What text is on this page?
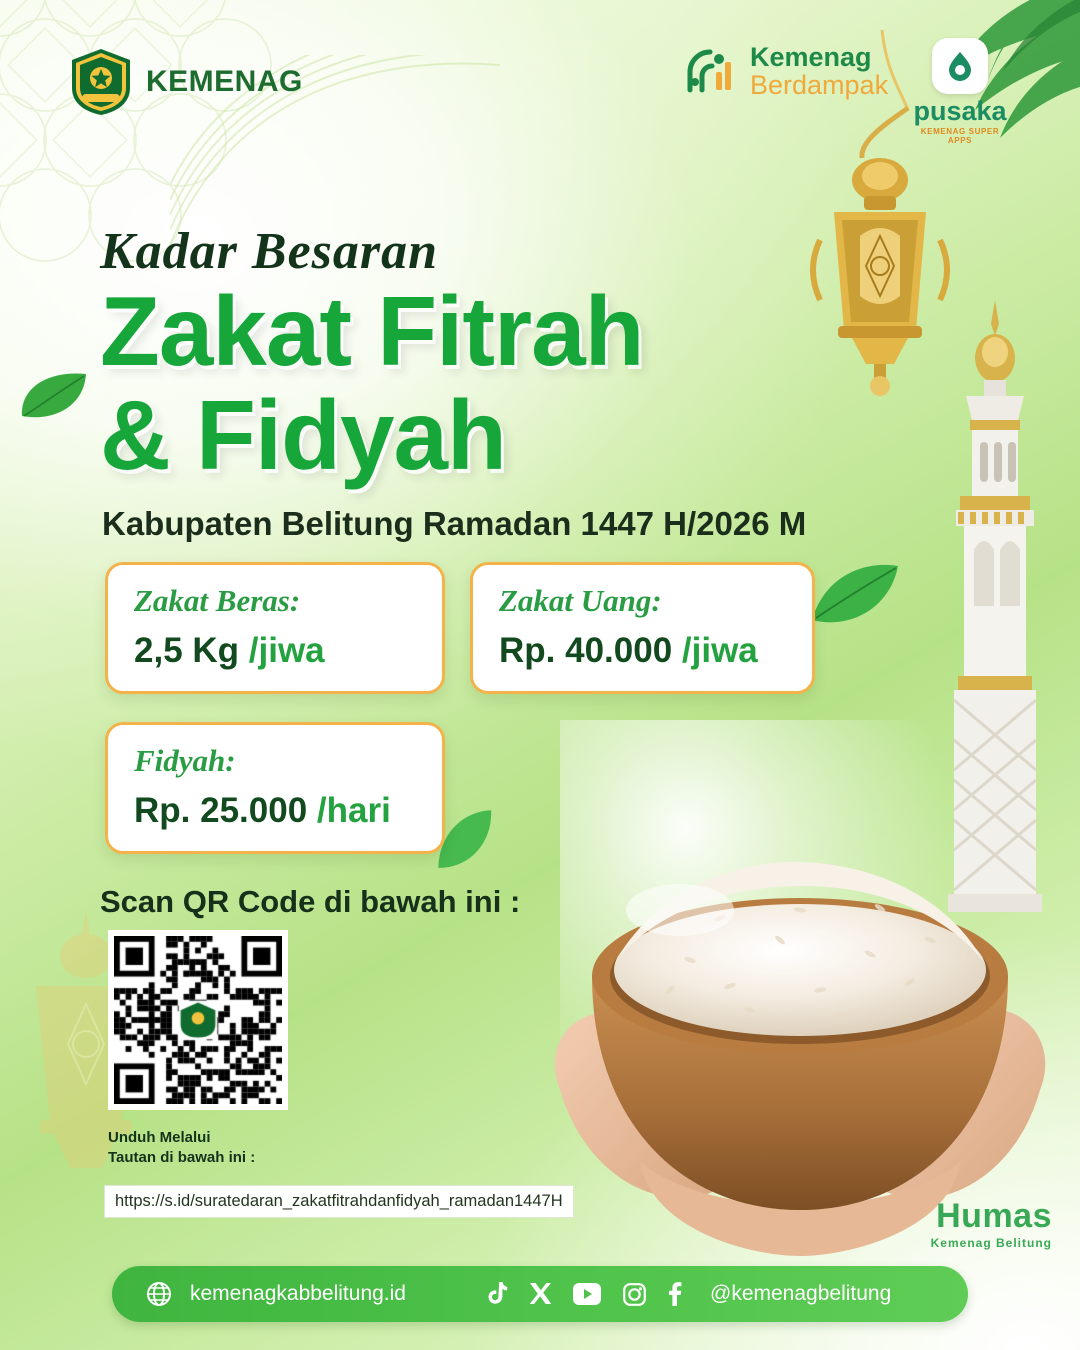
KEMENAG
Kemenag
Berdampak
pusaka
KEMENAG SUPER APPS
Kadar Besaran
Zakat Fitrah
& Fidyah
Kabupaten Belitung Ramadan 1447 H/2026 M
Zakat Beras:
2,5 Kg /jiwa
Zakat Uang:
Rp. 40.000 /jiwa
Fidyah:
Rp. 25.000 /hari
Scan QR Code di bawah ini :
Unduh Melalui
Tautan di bawah ini :
https://s.id/suratedaran_zakatfitrahdanfidyah_ramadan1447H	Humas
Kemenag Belitung
kemenagkabbelitung.id	@kemenagbelitung
